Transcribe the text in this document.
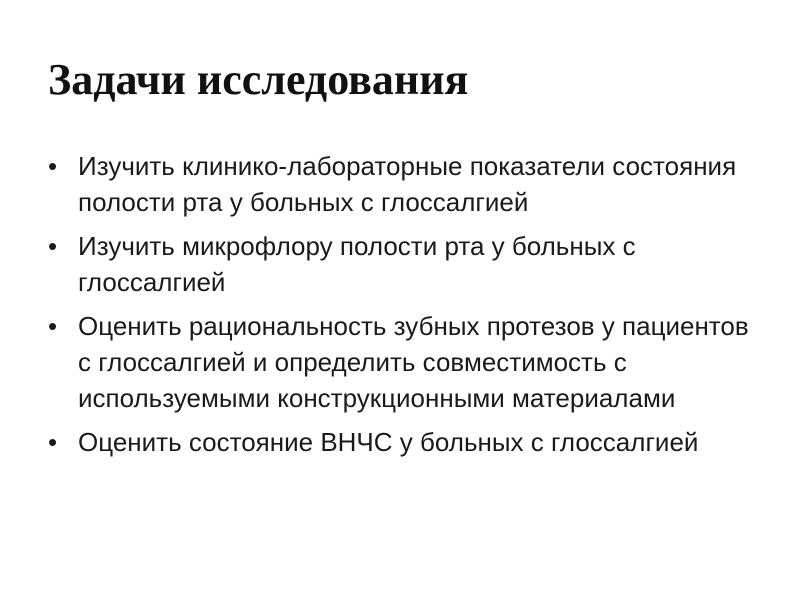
Задачи исследования
• Изучить клинико-лабораторные показатели состояния полости рта у больных с глоссалгией
• Изучить микрофлору полости рта у больных с глоссалгией
• Оценить рациональность зубных протезов у пациентов с глоссалгией и определить совместимость с используемыми конструкционными материалами
• Оценить состояние ВНЧС у больных с глоссалгией
